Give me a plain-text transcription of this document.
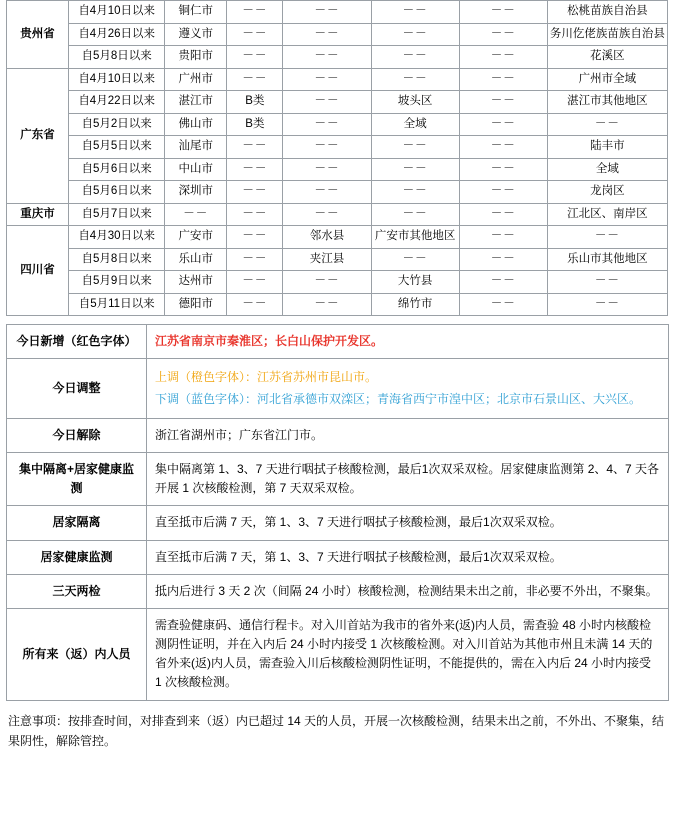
贵州省	自4月10日以来	铜仁市	－－	－－	－－	－－	松桃苗族自治县
	自4月26日以来	遵义市	－－	－－	－－	－－	务川仡佬族苗族自治县
	自5月8日以来	贵阳市	－－	－－	－－	－－	花溪区
广东省	自4月10日以来	广州市	－－	－－	－－	－－	广州市全域
	自4月22日以来	湛江市	B类	－－	坡头区	－－	湛江市其他地区
	自5月2日以来	佛山市	B类	－－	全域	－－	－－
	自5月5日以来	汕尾市	－－	－－	－－	－－	陆丰市
	自5月6日以来	中山市	－－	－－	－－	－－	全域
	自5月6日以来	深圳市	－－	－－	－－	－－	龙岗区
重庆市	自5月7日以来	－－	－－	－－	－－	－－	江北区、南岸区
四川省	自4月30日以来	广安市	－－	邻水县	广安市其他地区	－－	－－
	自5月8日以来	乐山市	－－	夹江县	－－	－－	乐山市其他地区
	自5月9日以来	达州市	－－	－－	大竹县	－－	－－
	自5月11日以来	德阳市	－－	－－	绵竹市	－－	－－
今日新增（红色字体）	江苏省南京市秦淮区；长白山保护开发区。
今日调整	上调（橙色字体）：江苏省苏州市昆山市。
下调（蓝色字体）：河北省承德市双滦区；青海省西宁市湟中区；北京市石景山区、大兴区。

今日解除	浙江省湖州市；广东省江门市。
集中隔离+居家健康监测	集中隔离第 1、3、7 天进行咽拭子核酸检测，最后1次双采双检。居家健康监测第 2、4、7 天各开展 1 次核酸检测，第 7 天双采双检。
居家隔离	直至抵市后满 7 天，第 1、3、7 天进行咽拭子核酸检测，最后1次双采双检。
居家健康监测	直至抵市后满 7 天，第 1、3、7 天进行咽拭子核酸检测，最后1次双采双检。
三天两检	抵内后进行 3 天 2 次（间隔 24 小时）核酸检测，检测结果未出之前，非必要不外出，不聚集。
所有来（返）内人员	需查验健康码、通信行程卡。对入川首站为我市的省外来(返)内人员，需查验 48 小时内核酸检测阴性证明，并在入内后 24 小时内接受 1 次核酸检测。对入川首站为其他市州且未满 14 天的省外来(返)内人员，需查验入川后核酸检测阴性证明，不能提供的，需在入内后 24 小时内接受 1 次核酸检测。
注意事项：按排查时间，对排查到来（返）内已超过 14 天的人员，开展一次核酸检测，结果未出之前，不外出、不聚集，结果阴性，解除管控。
